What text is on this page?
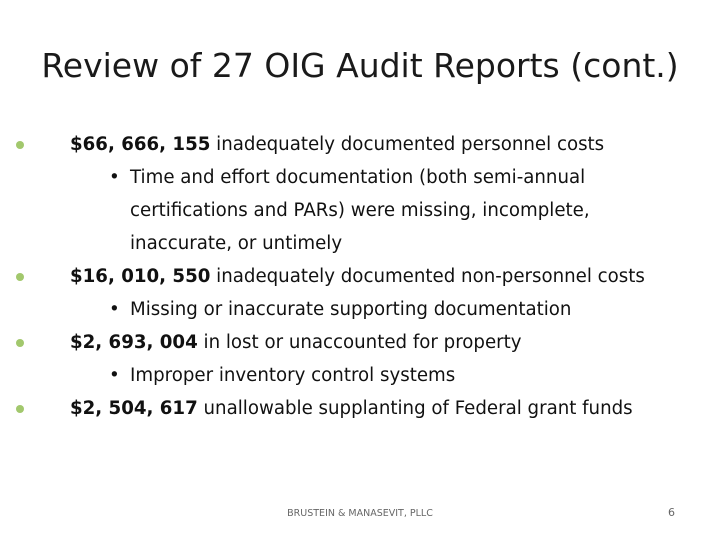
Review of 27 OIG Audit Reports (cont.)
$66, 666, 155 inadequately documented personnel costs
• Time and effort documentation (both semi-annual
certifications and PARs) were missing, incomplete,
inaccurate, or untimely
$16, 010, 550 inadequately documented non-personnel costs
• Missing or inaccurate supporting documentation
$2, 693, 004 in lost or unaccounted for property
• Improper inventory control systems
$2, 504, 617 unallowable supplanting of Federal grant funds
BRUSTEIN & MANASEVIT, PLLC	6
